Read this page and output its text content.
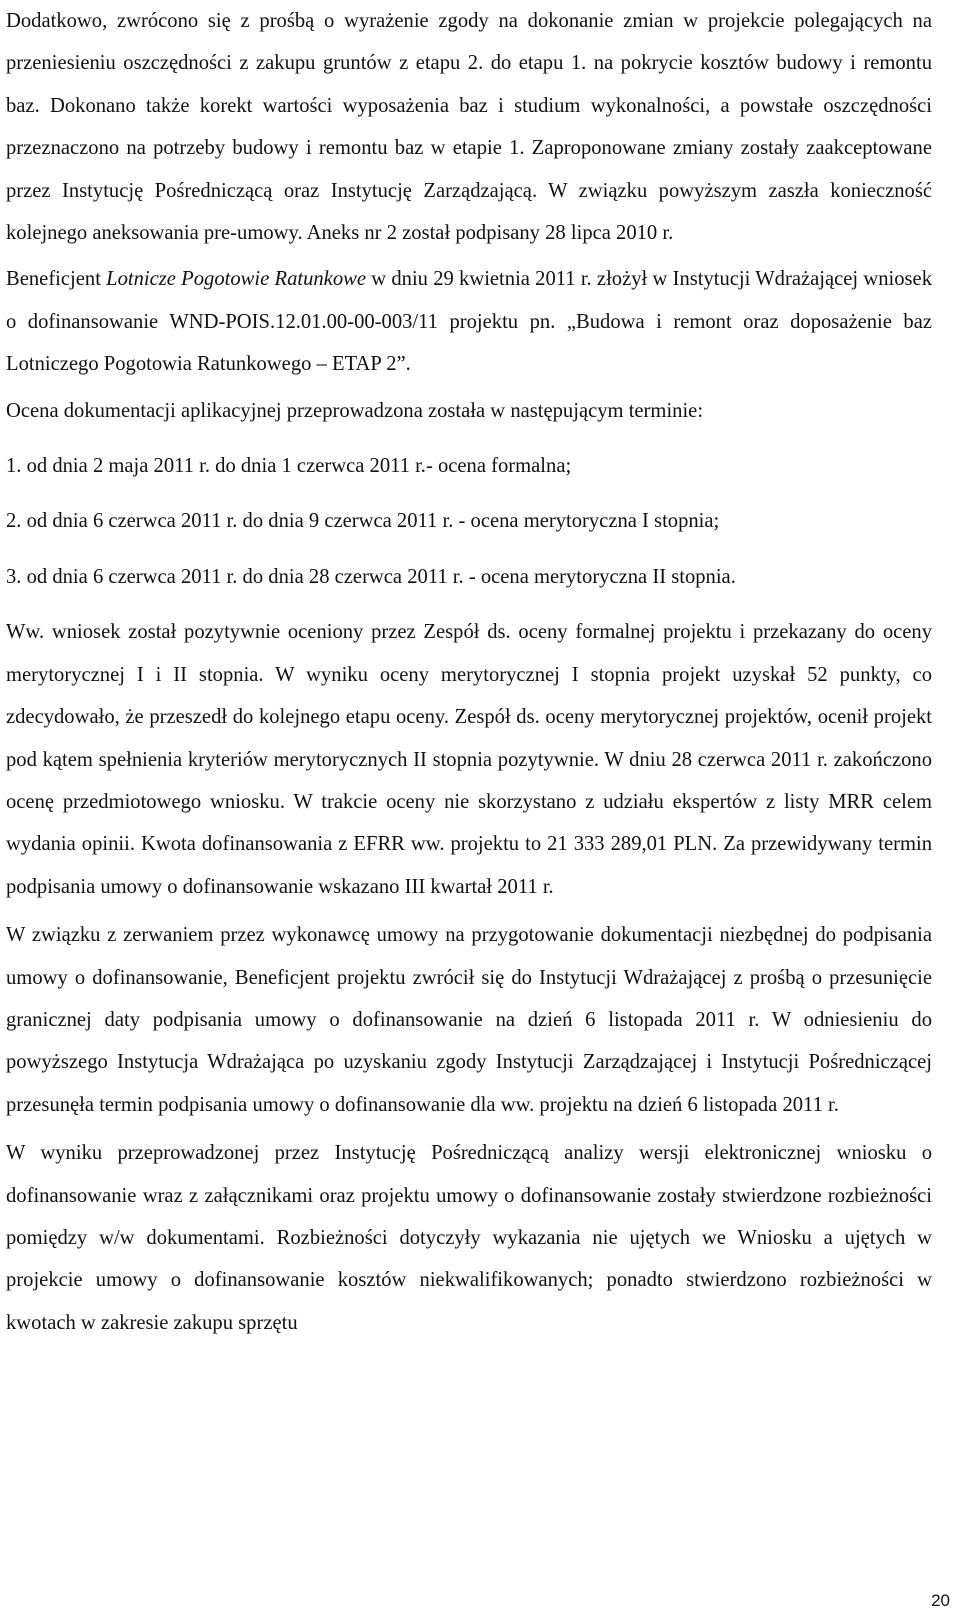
Dodatkowo, zwrócono się z prośbą o wyrażenie zgody na dokonanie zmian w projekcie polegających na przeniesieniu oszczędności z zakupu gruntów z etapu 2. do etapu 1. na pokrycie kosztów budowy i remontu baz. Dokonano także korekt wartości wyposażenia baz i studium wykonalności, a powstałe oszczędności przeznaczono na potrzeby budowy i remontu baz w etapie 1. Zaproponowane zmiany zostały zaakceptowane przez Instytucję Pośredniczącą oraz Instytucję Zarządzającą. W związku powyższym zaszła konieczność kolejnego aneksowania pre-umowy. Aneks nr 2 został podpisany 28 lipca 2010 r.

Beneficjent Lotnicze Pogotowie Ratunkowe w dniu 29 kwietnia 2011 r. złożył w Instytucji Wdrażającej wniosek o dofinansowanie WND-POIS.12.01.00-00-003/11 projektu pn. „Budowa i remont oraz doposażenie baz Lotniczego Pogotowia Ratunkowego – ETAP 2”.

Ocena dokumentacji aplikacyjnej przeprowadzona została w następującym terminie:

1. od dnia 2 maja 2011 r. do dnia 1 czerwca 2011 r.- ocena formalna;

2. od dnia 6 czerwca 2011 r. do dnia 9 czerwca 2011 r. - ocena merytoryczna I stopnia;

3. od dnia 6 czerwca 2011 r. do dnia 28 czerwca 2011 r. - ocena merytoryczna II stopnia.

Ww. wniosek został pozytywnie oceniony przez Zespół ds. oceny formalnej projektu i przekazany do oceny merytorycznej I i II stopnia. W wyniku oceny merytorycznej I stopnia projekt uzyskał 52 punkty, co zdecydowało, że przeszedł do kolejnego etapu oceny. Zespół ds. oceny merytorycznej projektów, ocenił projekt pod kątem spełnienia kryteriów merytorycznych II stopnia pozytywnie. W dniu 28 czerwca 2011 r. zakończono ocenę przedmiotowego wniosku. W trakcie oceny nie skorzystano z udziału ekspertów z listy MRR celem wydania opinii. Kwota dofinansowania z EFRR ww. projektu to 21 333 289,01 PLN. Za przewidywany termin podpisania umowy o dofinansowanie wskazano III kwartał 2011 r.

W związku z zerwaniem przez wykonawcę umowy na przygotowanie dokumentacji niezbędnej do podpisania umowy o dofinansowanie, Beneficjent projektu zwrócił się do Instytucji Wdrażającej z prośbą o przesunięcie granicznej daty podpisania umowy o dofinansowanie na dzień 6 listopada 2011 r. W odniesieniu do powyższego Instytucja Wdrażająca po uzyskaniu zgody Instytucji Zarządzającej i Instytucji Pośredniczącej przesunęła termin podpisania umowy o dofinansowanie dla ww. projektu na dzień 6 listopada 2011 r.

W wyniku przeprowadzonej przez Instytucję Pośredniczącą analizy wersji elektronicznej wniosku o dofinansowanie wraz z załącznikami oraz projektu umowy o dofinansowanie zostały stwierdzone rozbieżności pomiędzy w/w dokumentami. Rozbieżności dotyczyły wykazania nie ujętych we Wniosku a ujętych w projekcie umowy o dofinansowanie kosztów niekwalifikowanych; ponadto stwierdzono rozbieżności w kwotach w zakresie zakupu sprzętu

20
